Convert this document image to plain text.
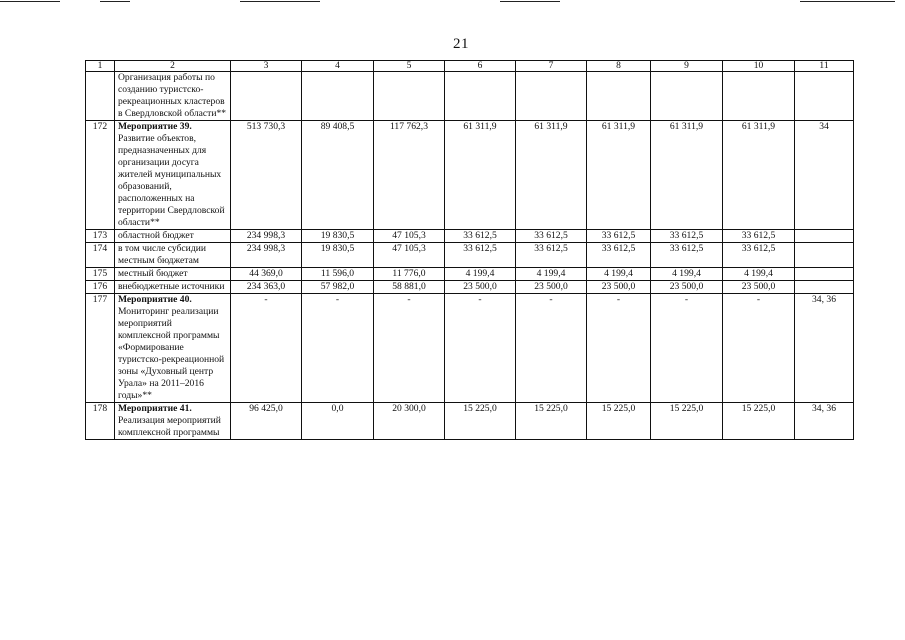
21
1	2	3	4	5	6	7	8	9	10	11

	Организация работы по созданию туристско-рекреационных кластеров в Свердловской области**									

172	Мероприятие 39.
Развитие объектов, предназначенных для организации досуга жителей муниципальных образований, расположенных на территории Свердловской области**	513 730,3	89 408,5	117 762,3	61 311,9	61 311,9	61 311,9	61 311,9	61 311,9	34
173	областной бюджет	234 998,3	19 830,5	47 105,3	33 612,5	33 612,5	33 612,5	33 612,5	33 612,5	
174	в том числе субсидии местным бюджетам	234 998,3	19 830,5	47 105,3	33 612,5	33 612,5	33 612,5	33 612,5	33 612,5	
175	местный бюджет	44 369,0	11 596,0	11 776,0	4 199,4	4 199,4	4 199,4	4 199,4	4 199,4	
176	внебюджетные источники	234 363,0	57 982,0	58 881,0	23 500,0	23 500,0	23 500,0	23 500,0	23 500,0	
177	Мероприятие 40.
Мониторинг реализации мероприятий комплексной программы «Формирование туристско-рекреационной зоны «Духовный центр Урала» на 2011–2016 годы»**	-	-	-	-	-	-	-	-	34, 36
178	Мероприятие 41.
Реализация мероприятий комплексной программы	96 425,0	0,0	20 300,0	15 225,0	15 225,0	15 225,0	15 225,0	15 225,0	34, 36
